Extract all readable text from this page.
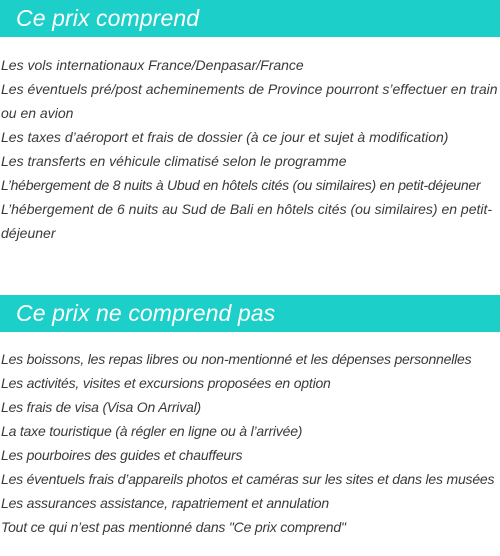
Ce prix comprend
Les vols internationaux France/Denpasar/France
Les éventuels pré/post acheminements de Province pourront s’effectuer en train ou en avion
Les taxes d’aéroport et frais de dossier (à ce jour et sujet à modification)
Les transferts en véhicule climatisé selon le programme
L’hébergement de 8 nuits à Ubud en hôtels cités (ou similaires) en petit-déjeuner
L’hébergement de 6 nuits au Sud de Bali en hôtels cités (ou similaires) en petit-déjeuner
Ce prix ne comprend pas
Les boissons, les repas libres ou non-mentionné et les dépenses personnelles
Les activités, visites et excursions proposées en option
Les frais de visa (Visa On Arrival)
La taxe touristique (à régler en ligne ou à l’arrivée)
Les pourboires des guides et chauffeurs
Les éventuels frais d’appareils photos et caméras sur les sites et dans les musées
Les assurances assistance, rapatriement et annulation
Tout ce qui n’est pas mentionné dans "Ce prix comprend"
